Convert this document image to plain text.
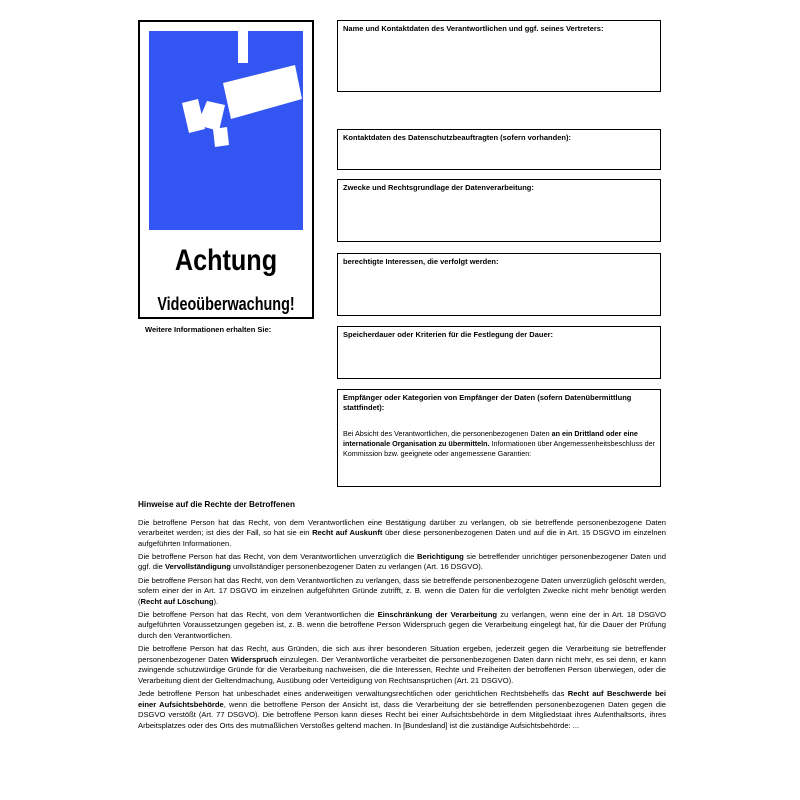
Achtung
Videoüberwachung!
Weitere Informationen erhalten Sie:
Name und Kontaktdaten des Verantwortlichen und ggf. seines Vertreters:
Kontaktdaten des Datenschutzbeauftragten (sofern vorhanden):
Zwecke und Rechtsgrundlage der Datenverarbeitung:
berechtigte Interessen, die verfolgt werden:
Speicherdauer oder Kriterien für die Festlegung der Dauer:
Empfänger oder Kategorien von Empfänger der Daten (sofern Datenübermittlung stattfindet):
Bei Absicht des Verantwortlichen, die personenbezogenen Daten an ein Drittland oder eine internationale Organisation zu übermitteln. Informationen über Angemessenheitsbeschluss der Kommission bzw. geeignete oder angemessene Garantien:
Hinweise auf die Rechte der Betroffenen

Die betroffene Person hat das Recht, von dem Verantwortlichen eine Bestätigung darüber zu verlangen, ob sie betreffende personenbezogene Daten verarbeitet werden; ist dies der Fall, so hat sie ein Recht auf Auskunft über diese personenbezogenen Daten und auf die in Art. 15 DSGVO im einzelnen aufgeführten Informationen.

Die betroffene Person hat das Recht, von dem Verantwortlichen unverzüglich die Berichtigung sie betreffender unrichtiger personenbezogener Daten und ggf. die Vervollständigung unvollständiger personenbezogener Daten zu verlangen (Art. 16 DSGVO).

Die betroffene Person hat das Recht, von dem Verantwortlichen zu verlangen, dass sie betreffende personenbezogene Daten unverzüglich gelöscht werden, sofern einer der in Art. 17 DSGVO im einzelnen aufgeführten Gründe zutrifft, z. B. wenn die Daten für die verfolgten Zwecke nicht mehr benötigt werden (Recht auf Löschung).

Die betroffene Person hat das Recht, von dem Verantwortlichen die Einschränkung der Verarbeitung zu verlangen, wenn eine der in Art. 18 DSGVO aufgeführten Voraussetzungen gegeben ist, z. B. wenn die betroffene Person Widerspruch gegen die Verarbeitung eingelegt hat, für die Dauer der Prüfung durch den Verantwortlichen.

Die betroffene Person hat das Recht, aus Gründen, die sich aus ihrer besonderen Situation ergeben, jederzeit gegen die Verarbeitung sie betreffender personenbezogener Daten Widerspruch einzulegen. Der Verantwortliche verarbeitet die personenbezogenen Daten dann nicht mehr, es sei denn, er kann zwingende schutzwürdige Gründe für die Verarbeitung nachweisen, die die Interessen, Rechte und Freiheiten der betroffenen Person überwiegen, oder die Verarbeitung dient der Geltendmachung, Ausübung oder Verteidigung von Rechtsansprüchen (Art. 21 DSGVO).

Jede betroffene Person hat unbeschadet eines anderweitigen verwaltungsrechtlichen oder gerichtlichen Rechtsbehelfs das Recht auf Beschwerde bei einer Aufsichtsbehörde, wenn die betroffene Person der Ansicht ist, dass die Verarbeitung der sie betreffenden personenbezogenen Daten gegen die DSGVO verstößt (Art. 77 DSGVO). Die betroffene Person kann dieses Recht bei einer Aufsichtsbehörde in dem Mitgliedstaat ihres Aufenthaltsorts, ihres Arbeitsplatzes oder des Orts des mutmaßlichen Verstoßes geltend machen. In [Bundesland] ist die zuständige Aufsichtsbehörde: ...
